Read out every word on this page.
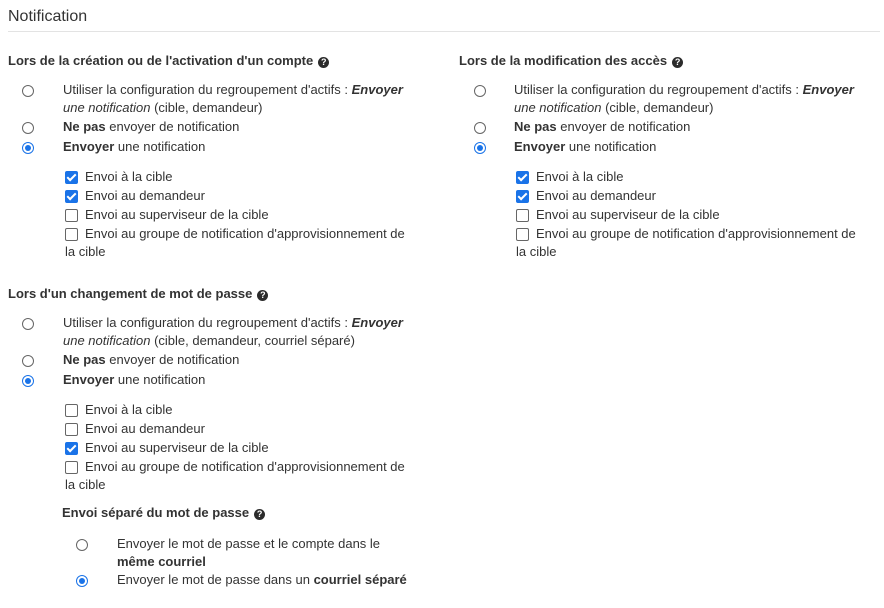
Notification
Lors de la création ou de l'activation d'un compte ?
Utiliser la configuration du regroupement d'actifs : Envoyer
une notification (cible, demandeur)
Ne pas envoyer de notification
Envoyer une notification
Envoi à la cible
Envoi au demandeur
Envoi au superviseur de la cible
Envoi au groupe de notification d'approvisionnement de
la cible
Lors de la modification des accès ?
Utiliser la configuration du regroupement d'actifs : Envoyer
une notification (cible, demandeur)
Ne pas envoyer de notification
Envoyer une notification
Envoi à la cible
Envoi au demandeur
Envoi au superviseur de la cible
Envoi au groupe de notification d'approvisionnement de
la cible
Lors d'un changement de mot de passe ?
Utiliser la configuration du regroupement d'actifs : Envoyer
une notification (cible, demandeur, courriel séparé)
Ne pas envoyer de notification
Envoyer une notification
Envoi à la cible
Envoi au demandeur
Envoi au superviseur de la cible
Envoi au groupe de notification d'approvisionnement de
la cible
Envoi séparé du mot de passe ?
Envoyer le mot de passe et le compte dans le
même courriel
Envoyer le mot de passe dans un courriel séparé
